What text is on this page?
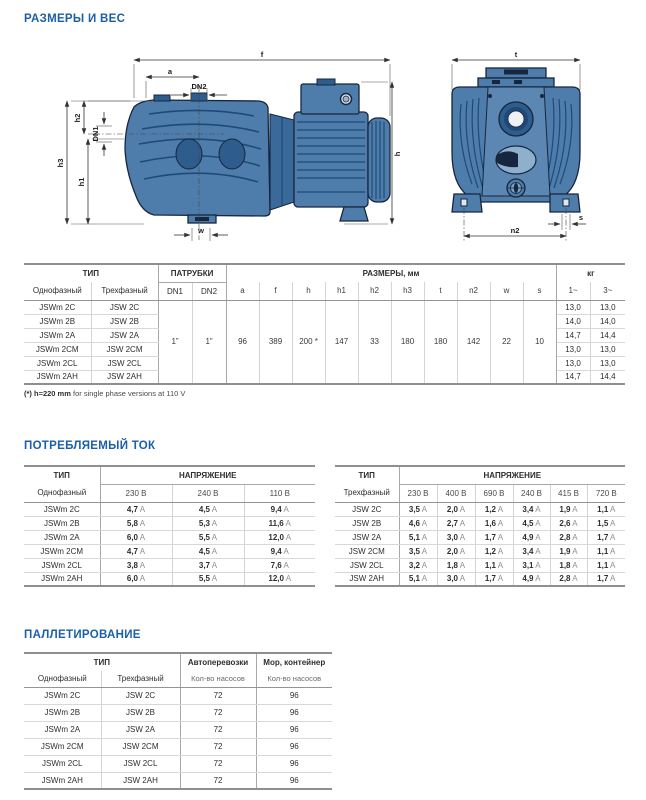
РАЗМЕРЫ И ВЕС
f
a
DN2
h2
DN1
h3
h1
w
h
t
n2
s
ТИП		ПАТРУБКИ		РАЗМЕРЫ, мм										кг	
Однофазный	Трехфазный	DN1	DN2	a	f	h	h1	h2	h3	t	n2	w	s	1~	3~
JSWm 2C	JSW 2C	1”	1”	96	389	200 *	147	33	180	180	142	22	10	13,0	13,0
JSWm 2B	JSW 2B													14,0	14,0
JSWm 2A	JSW 2A													14,7	14,4
JSWm 2CM	JSW 2CM													13,0	13,0
JSWm 2CL	JSW 2CL													13,0	13,0
JSWm 2AH	JSW 2AH													14,7	14,4
(*) h=220 mm for single phase versions at 110 V
ПОТРЕБЛЯЕМЫЙ ТОК
ТИП	НАПРЯЖЕНИЕ		
Однофазный	230 В	240 В	110 В
JSWm 2C	4,7 A	4,5 A	9,4 A
JSWm 2B	5,8 A	5,3 A	11,6 A
JSWm 2A	6,0 A	5,5 A	12,0 A
JSWm 2CM	4,7 A	4,5 A	9,4 A
JSWm 2CL	3,8 A	3,7 A	7,6 A
JSWm 2AH	6,0 A	5,5 A	12,0 A
ТИП	НАПРЯЖЕНИЕ					
Трехфазный	230 В	400 В	690 В	240 В	415 В	720 В
JSW 2C	3,5 A	2,0 A	1,2 A	3,4 A	1,9 A	1,1 A
JSW 2B	4,6 A	2,7 A	1,6 A	4,5 A	2,6 A	1,5 A
JSW 2A	5,1 A	3,0 A	1,7 A	4,9 A	2,8 A	1,7 A
JSW 2CM	3,5 A	2,0 A	1,2 A	3,4 A	1,9 A	1,1 A
JSW 2CL	3,2 A	1,8 A	1,1 A	3,1 A	1,8 A	1,1 A
JSW 2AH	5,1 A	3,0 A	1,7 A	4,9 A	2,8 A	1,7 A
ПАЛЛЕТИРОВАНИЕ
ТИП		Автоперевозки	Мор, контейнер
Однофазный	Трехфазный	Кол-во насосов	Кол-во насосов
JSWm 2C	JSW 2C	72	96
JSWm 2B	JSW 2B	72	96
JSWm 2A	JSW 2A	72	96
JSWm 2CM	JSW 2CM	72	96
JSWm 2CL	JSW 2CL	72	96
JSWm 2AH	JSW 2AH	72	96
